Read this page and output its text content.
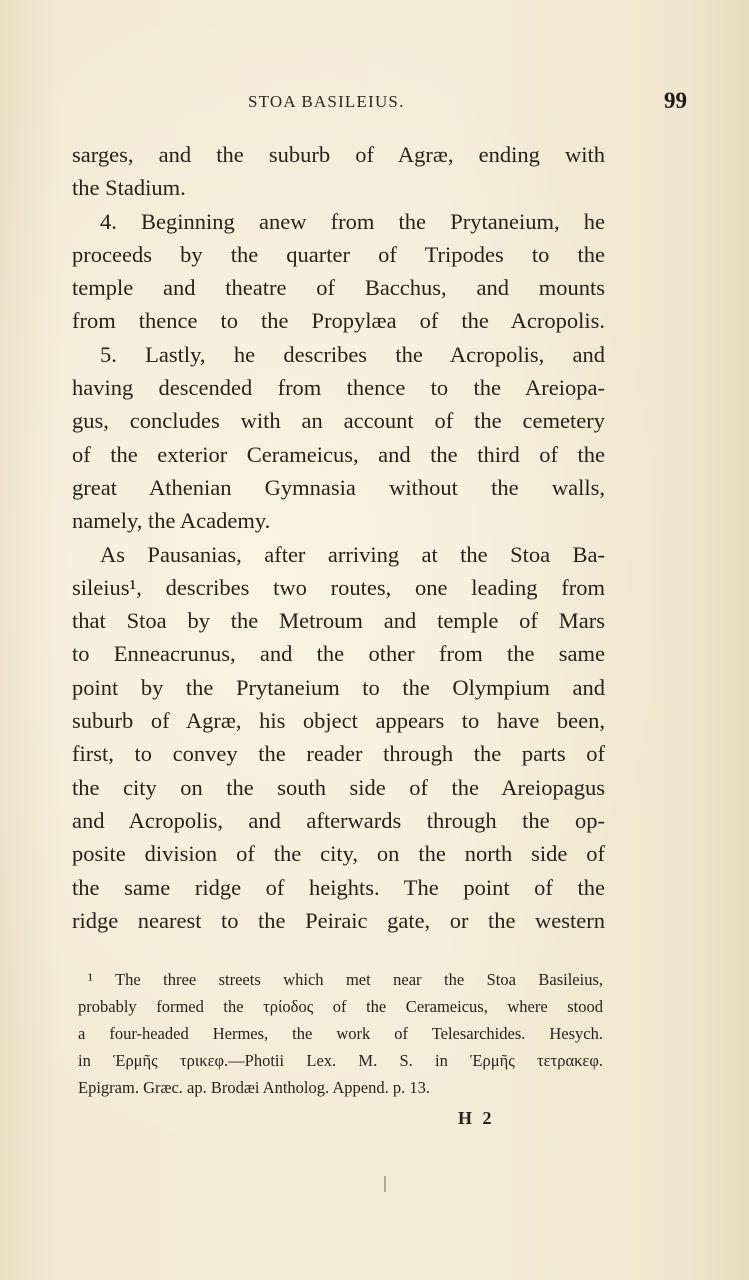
STOA BASILEIUS.	99
sarges, and the suburb of Agræ, ending with
the Stadium.
4. Beginning anew from the Prytaneium, he
proceeds by the quarter of Tripodes to the
temple and theatre of Bacchus, and mounts
from thence to the Propylæa of the Acropolis.
5. Lastly, he describes the Acropolis, and
having descended from thence to the Areiopa-
gus, concludes with an account of the cemetery
of the exterior Cerameicus, and the third of the
great Athenian Gymnasia without the walls,
namely, the Academy.
As Pausanias, after arriving at the Stoa Ba-
sileius¹, describes two routes, one leading from
that Stoa by the Metroum and temple of Mars
to Enneacrunus, and the other from the same
point by the Prytaneium to the Olympium and
suburb of Agræ, his object appears to have been,
first, to convey the reader through the parts of
the city on the south side of the Areiopagus
and Acropolis, and afterwards through the op-
posite division of the city, on the north side of
the same ridge of heights. The point of the
ridge nearest to the Peiraic gate, or the western
¹ The three streets which met near the Stoa Basileius,
probably formed the τρίοδος of the Cerameicus, where stood
a four-headed Hermes, the work of Telesarchides. Hesych.
in Ἑρμῆς τρικεφ.—Photii Lex. M. S. in Ἑρμῆς τετρακεφ.
Epigram. Græc. ap. Brodæi Antholog. Append. p. 13.
H 2
